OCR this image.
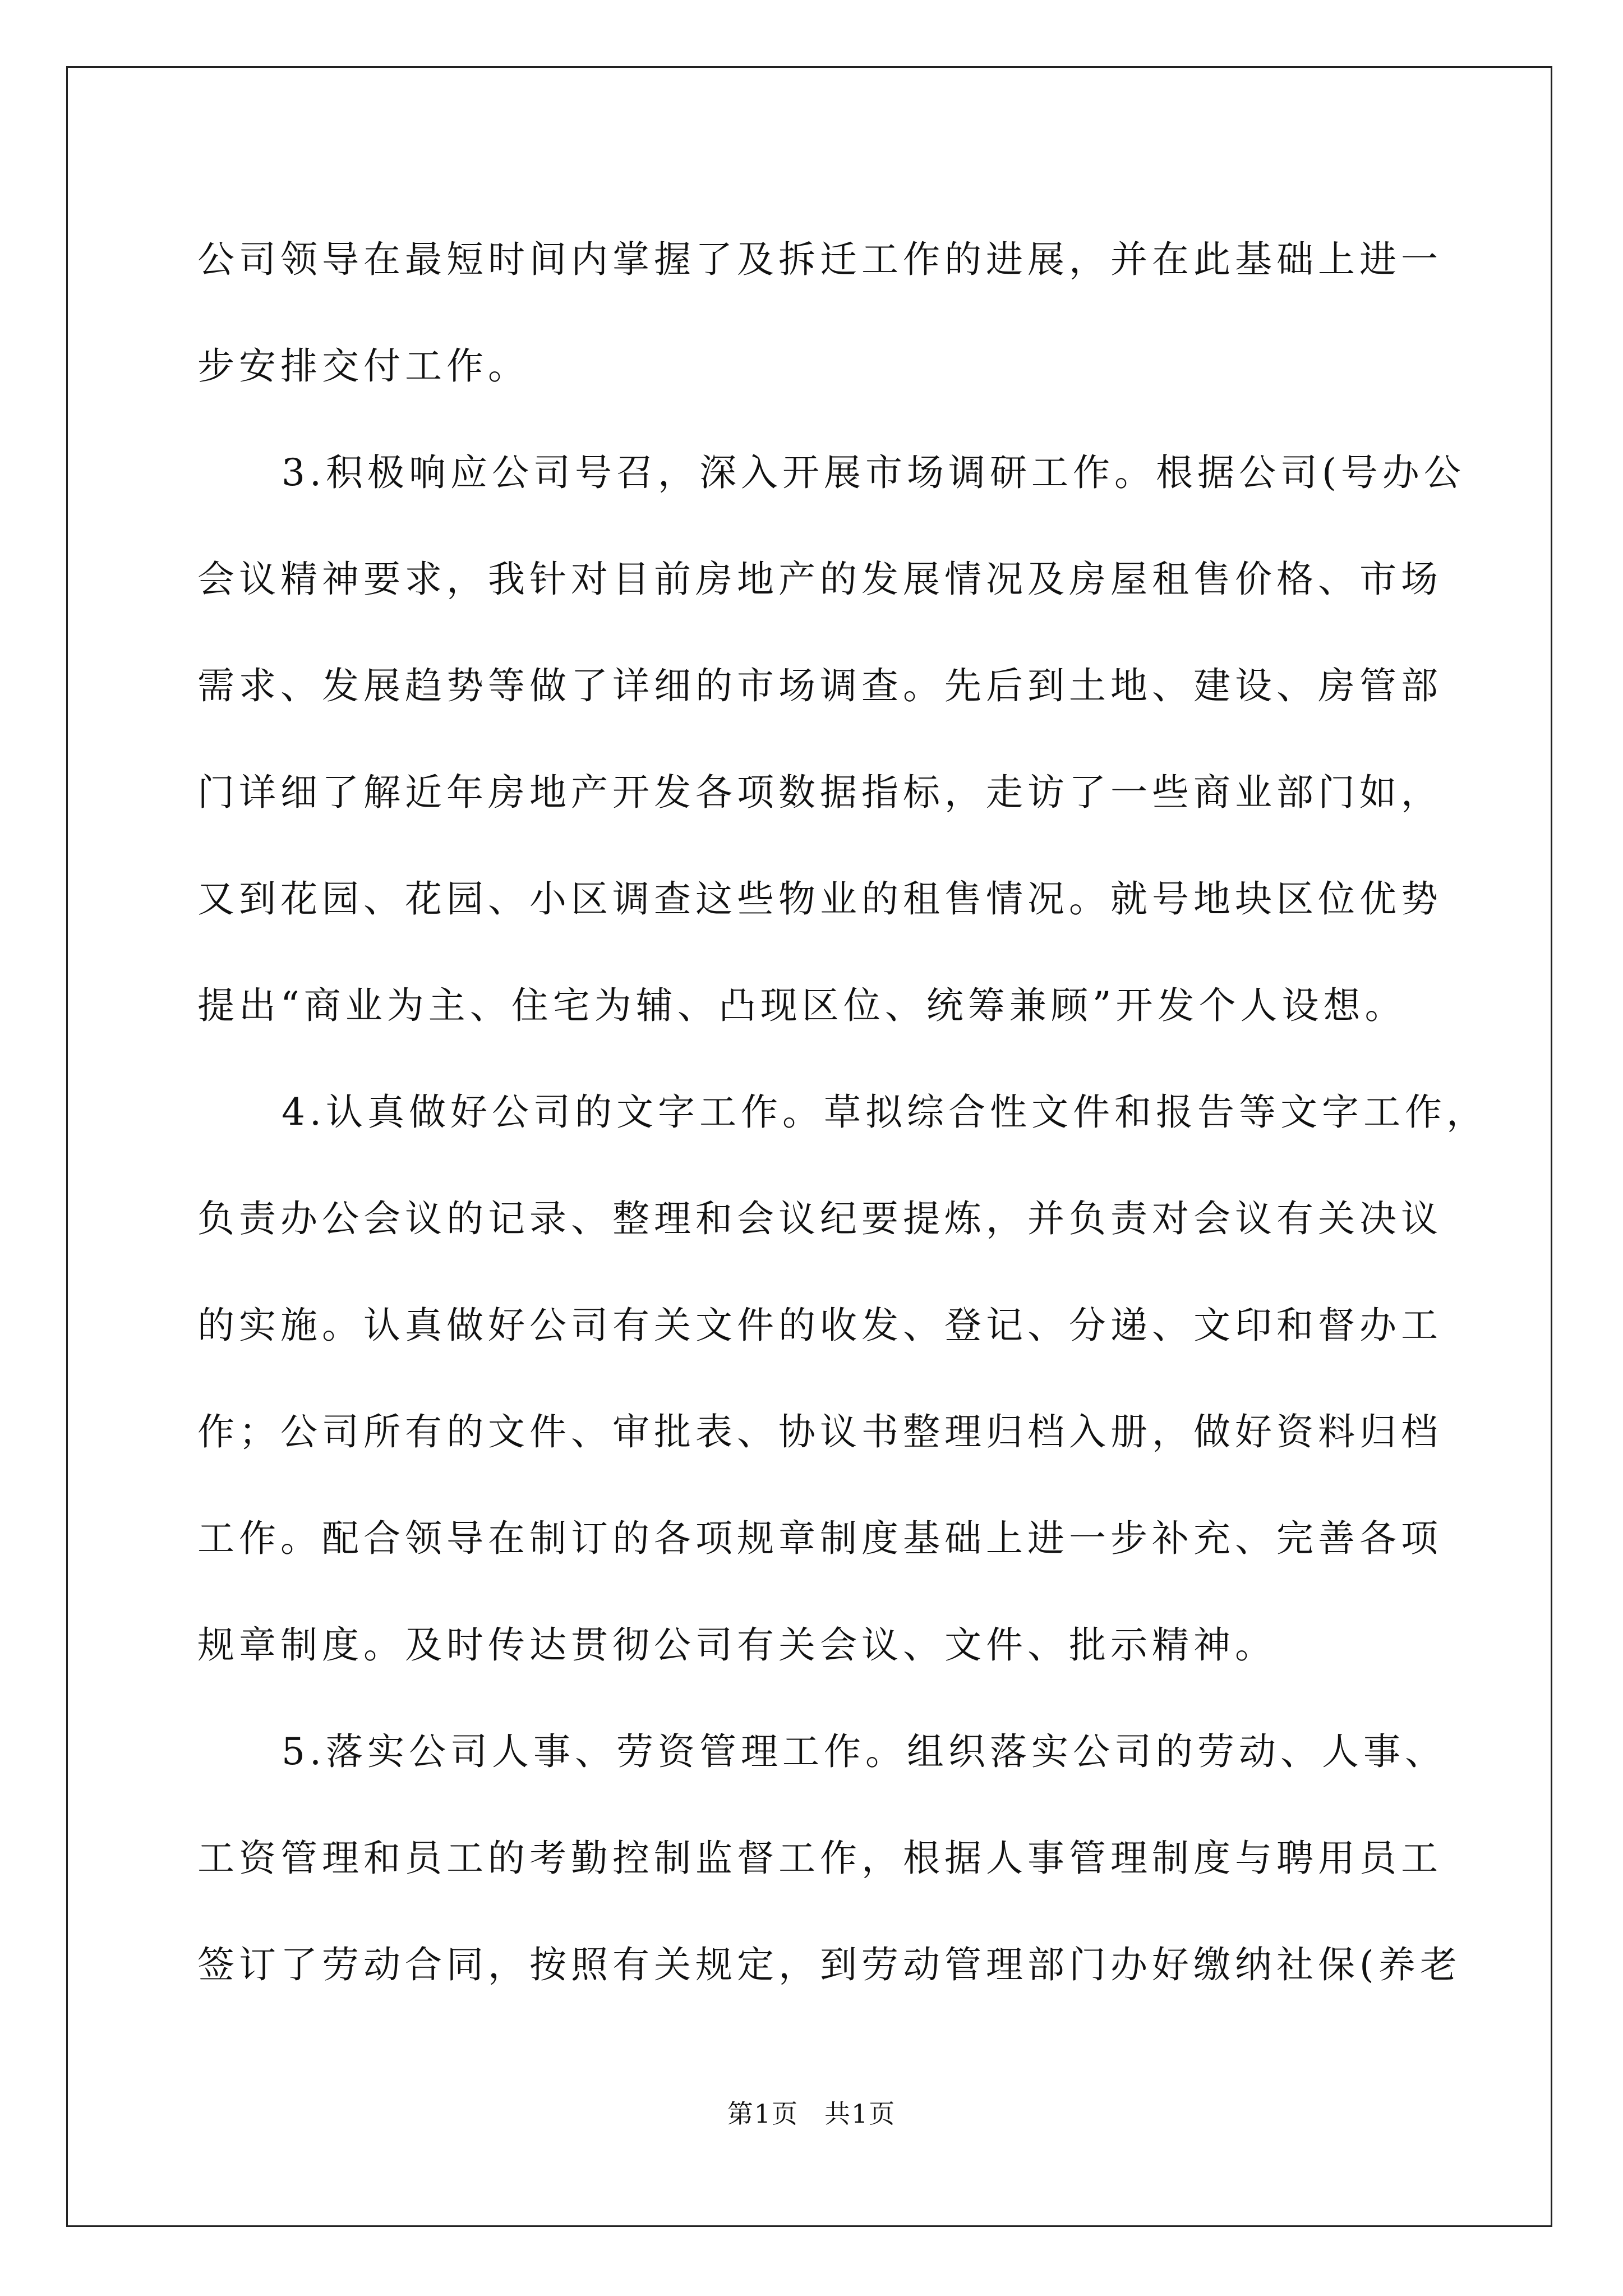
公司领导在最短时间内掌握了及拆迁工作的进展，并在此基础上进一
步安排交付工作。
3.积极响应公司号召，深入开展市场调研工作。根据公司(号办公
会议精神要求，我针对目前房地产的发展情况及房屋租售价格、市场
需求、发展趋势等做了详细的市场调查。先后到土地、建设、房管部
门详细了解近年房地产开发各项数据指标，走访了一些商业部门如，
又到花园、花园、小区调查这些物业的租售情况。就号地块区位优势
提出“商业为主、住宅为辅、凸现区位、统筹兼顾”开发个人设想。
4.认真做好公司的文字工作。草拟综合性文件和报告等文字工作，
负责办公会议的记录、整理和会议纪要提炼，并负责对会议有关决议
的实施。认真做好公司有关文件的收发、登记、分递、文印和督办工
作；公司所有的文件、审批表、协议书整理归档入册，做好资料归档
工作。配合领导在制订的各项规章制度基础上进一步补充、完善各项
规章制度。及时传达贯彻公司有关会议、文件、批示精神。
5.落实公司人事、劳资管理工作。组织落实公司的劳动、人事、
工资管理和员工的考勤控制监督工作，根据人事管理制度与聘用员工
签订了劳动合同，按照有关规定，到劳动管理部门办好缴纳社保(养老
第1页 共1页
